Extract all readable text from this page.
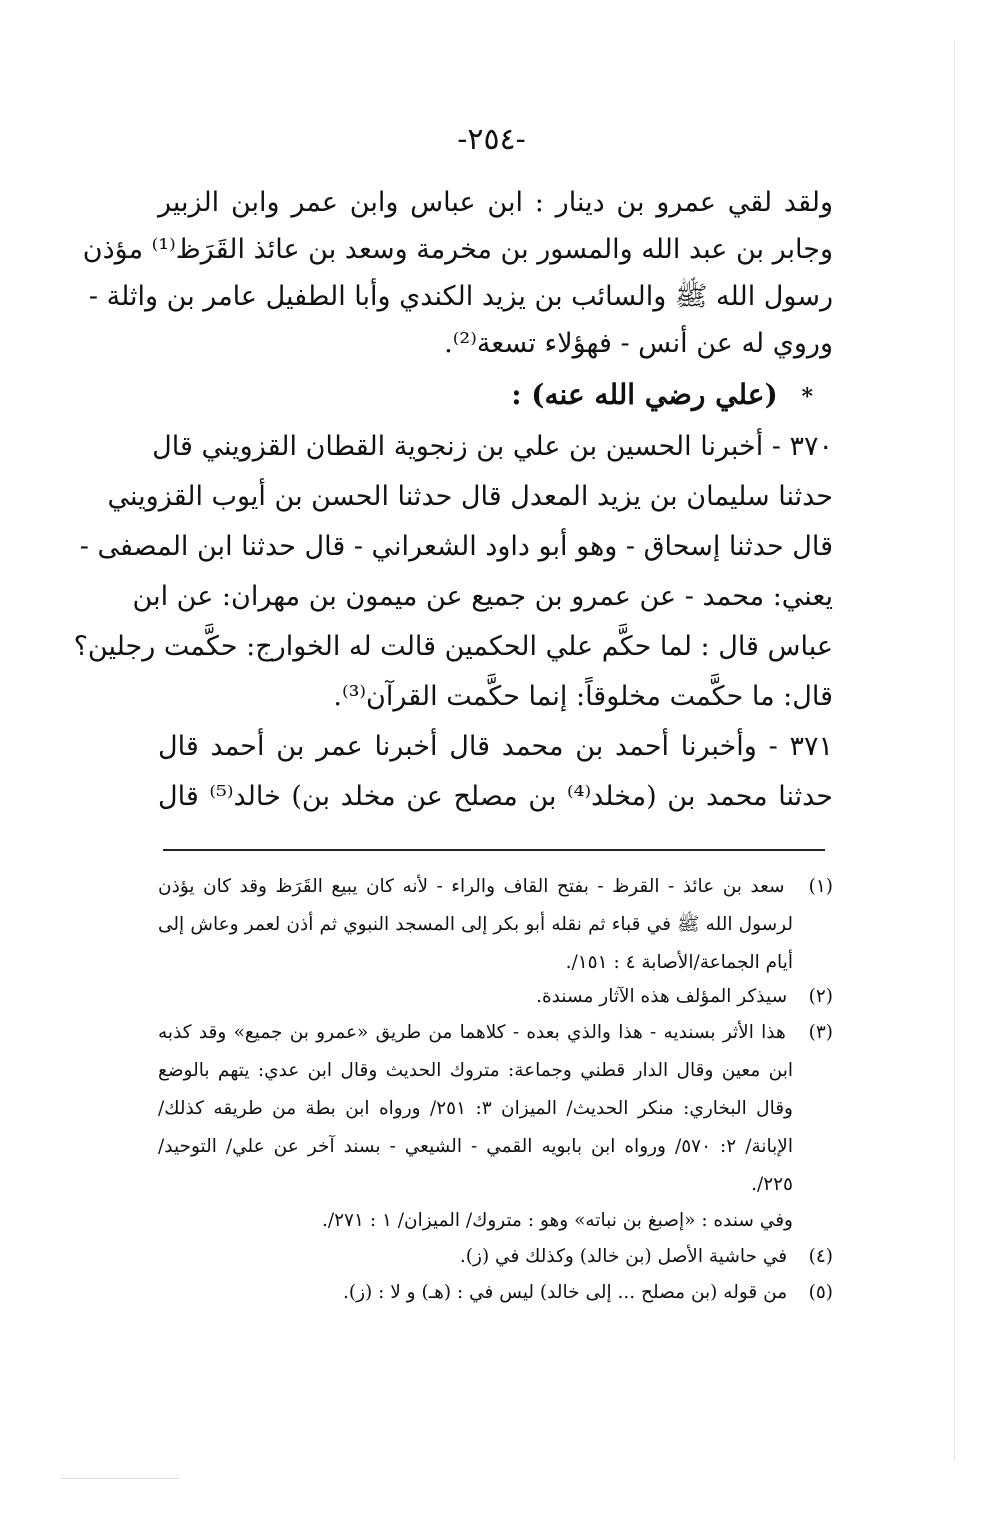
-٢٥٤-
ولقد لقي عمرو بن دينار : ابن عباس وابن عمر وابن الزبير
وجابر بن عبد الله والمسور بن مخرمة وسعد بن عائذ القَرَظ⁽¹⁾ مؤذن
رسول الله ﷺ والسائب بن يزيد الكندي وأبا الطفيل عامر بن واثلة -
وروي له عن أنس - فهؤلاء تسعة⁽²⁾.
* (علي رضي الله عنه) :
٣٧٠ - أخبرنا الحسين بن علي بن زنجوية القطان القزويني قال
حدثنا سليمان بن يزيد المعدل قال حدثنا الحسن بن أيوب القزويني
قال حدثنا إسحاق - وهو أبو داود الشعراني - قال حدثنا ابن المصفى -
يعني: محمد - عن عمرو بن جميع عن ميمون بن مهران: عن ابن
عباس قال : لما حكَّم علي الحكمين قالت له الخوارج: حكَّمت رجلين؟
قال: ما حكَّمت مخلوقاً: إنما حكَّمت القرآن⁽³⁾.
٣٧١ - وأخبرنا أحمد بن محمد قال أخبرنا عمر بن أحمد قال
حدثنا محمد بن (مخلد⁽⁴⁾ بن مصلح عن مخلد بن) خالد⁽⁵⁾ قال
(١) سعد بن عائذ - القرظ - بفتح القاف والراء - لأنه كان يبيع القَرَظ وقد كان يؤذن
لرسول الله ﷺ في قباء ثم نقله أبو بكر إلى المسجد النبوي ثم أذن لعمر وعاش إلى
أيام الجماعة/الأصابة ٤ : ١٥١/.
(٢) سيذكر المؤلف هذه الآثار مسندة.
(٣) هذا الأثر بسنديه - هذا والذي بعده - كلاهما من طريق «عمرو بن جميع» وقد كذبه
ابن معين وقال الدار قطني وجماعة: متروك الحديث وقال ابن عدي: يتهم بالوضع
وقال البخاري: منكر الحديث/ الميزان ٣: ٢٥١/ ورواه ابن بطة من طريقه كذلك/
الإبانة/ ٢: ٥٧٠/ ورواه ابن بابويه القمي - الشيعي - بسند آخر عن علي/ التوحيد/
٢٢٥/.
وفي سنده : «إصبغ بن نباته» وهو : متروك/ الميزان/ ١ : ٢٧١/.
(٤) في حاشية الأصل (بن خالد) وكذلك في (ز).
(٥) من قوله (بن مصلح ... إلى خالد) ليس في : (هـ) و لا : (ز).
